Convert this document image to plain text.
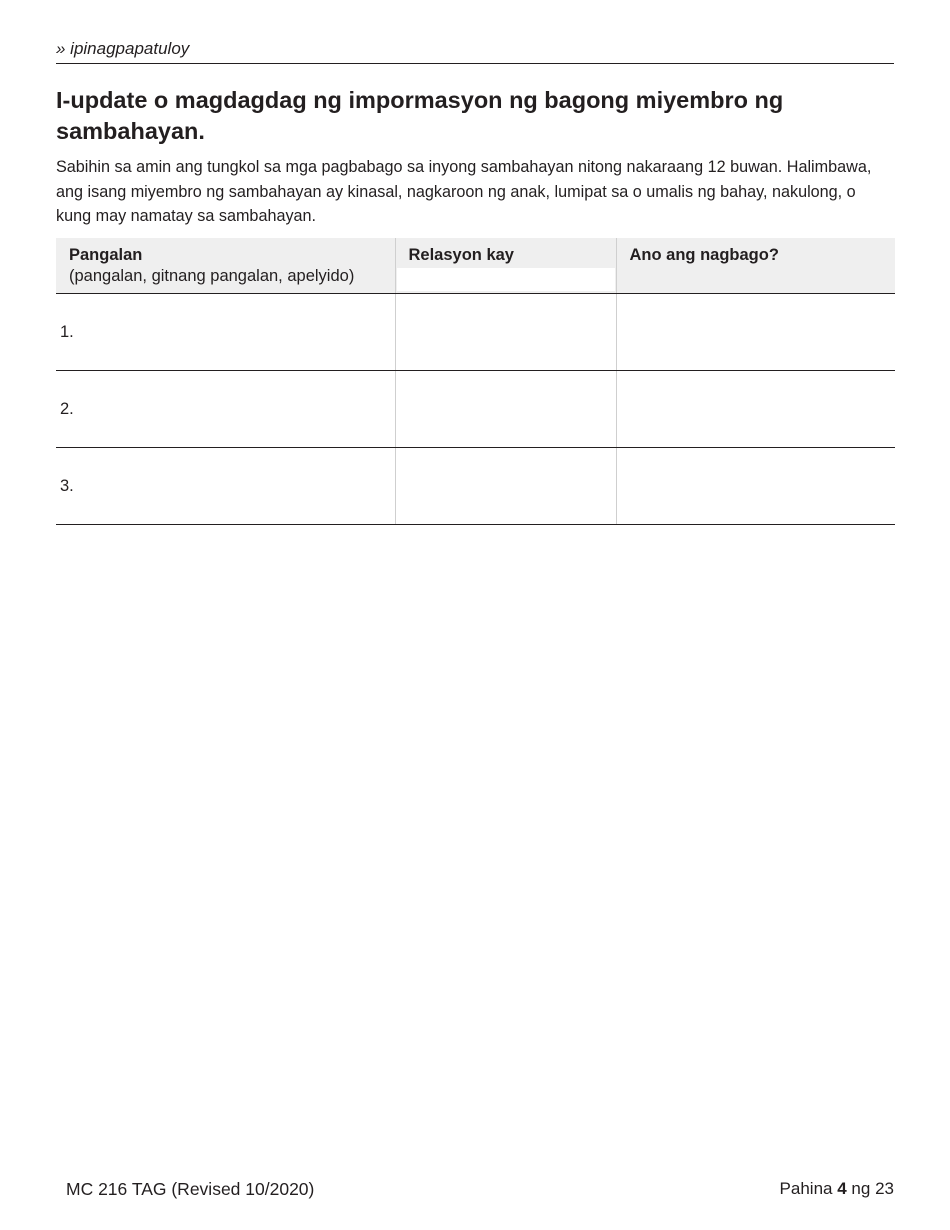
» ipinagpapatuloy
I-update o magdagdag ng impormasyon ng bagong miyembro ng sambahayan.

Sabihin sa amin ang tungkol sa mga pagbabago sa inyong sambahayan nitong nakaraang 12 buwan. Halimbawa, ang isang miyembro ng sambahayan ay kinasal, nagkaroon ng anak, lumipat sa o umalis ng bahay, nakulong, o kung may namatay sa sambahayan.

Pangalan
(pangalan, gitnang pangalan, apelyido)	Relasyon kay	Ano ang nagbago?
1.		
2.		
3.		
MC 216 TAG (Revised 10/2020)	Pahina 4 ng 23
